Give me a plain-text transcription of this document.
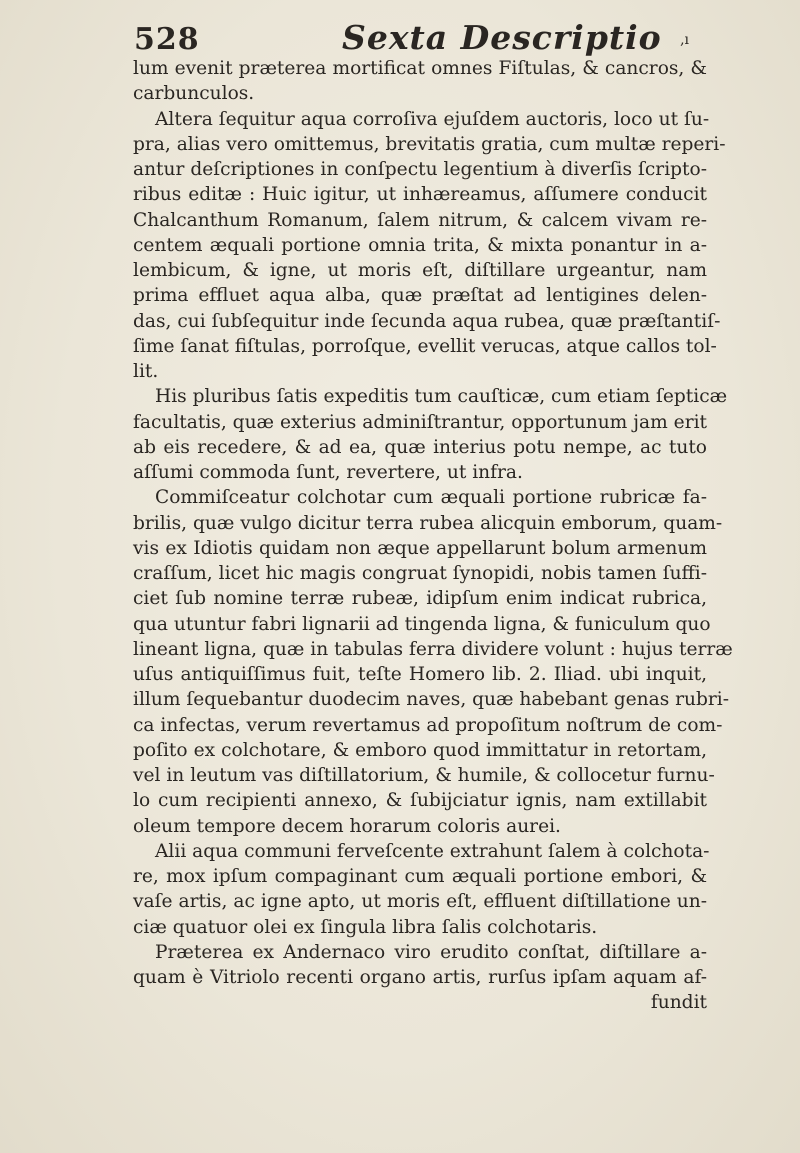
528	Sexta Descriptio ‚ı
lum evenit præterea mortificat omnes Fiſtulas, & cancros, &
carbunculos.
Altera ſequitur aqua corroſiva ejuſdem auctoris, loco ut ſu-
pra, alias vero omittemus, brevitatis gratia, cum multæ reperi-
antur deſcriptiones in conſpectu legentium à diverſis ſcripto-
ribus editæ : Huic igitur, ut inhæreamus, aſſumere conducit
Chalcanthum Romanum, ſalem nitrum, & calcem vivam re-
centem æquali portione omnia trita, & mixta ponantur in a-
lembicum, & igne, ut moris eſt, diſtillare urgeantur, nam
prima effluet aqua alba, quæ præſtat ad lentigines delen-
das, cui ſubſequitur inde ſecunda aqua rubea, quæ præſtantiſ-
ſime ſanat fiſtulas, porroſque, evellit verucas, atque callos tol-
lit.
His pluribus ſatis expeditis tum cauſticæ, cum etiam ſepticæ
facultatis, quæ exterius adminiſtrantur, opportunum jam erit
ab eis recedere, & ad ea, quæ interius potu nempe, ac tuto
aſſumi commoda ſunt, revertere, ut infra.
Commiſceatur colchotar cum æquali portione rubricæ fa-
brilis, quæ vulgo dicitur terra rubea alicquin emborum, quam-
vis ex Idiotis quidam non æque appellarunt bolum armenum
craſſum, licet hic magis congruat ſynopidi, nobis tamen ſuffi-
ciet ſub nomine terræ rubeæ, idipſum enim indicat rubrica,
qua utuntur fabri lignarii ad tingenda ligna, & funiculum quo
lineant ligna, quæ in tabulas ferra dividere volunt : hujus terræ
uſus antiquiſſimus fuit, teſte Homero lib. 2. Iliad. ubi inquit,
illum ſequebantur duodecim naves, quæ habebant genas rubri-
ca infectas, verum revertamus ad propoſitum noſtrum de com-
poſito ex colchotare, & emboro quod immittatur in retortam,
vel in leutum vas diſtillatorium, & humile, & collocetur furnu-
lo cum recipienti annexo, & ſubijciatur ignis, nam extillabit
oleum tempore decem horarum coloris aurei.
Alii aqua communi ferveſcente extrahunt ſalem à colchota-
re, mox ipſum compaginant cum æquali portione embori, &
vaſe artis, ac igne apto, ut moris eſt, effluent diſtillatione un-
ciæ quatuor olei ex ſingula libra ſalis colchotaris.
Præterea ex Andernaco viro erudito conſtat, diſtillare a-
quam è Vitriolo recenti organo artis, rurſus ipſam aquam af-
fundit
